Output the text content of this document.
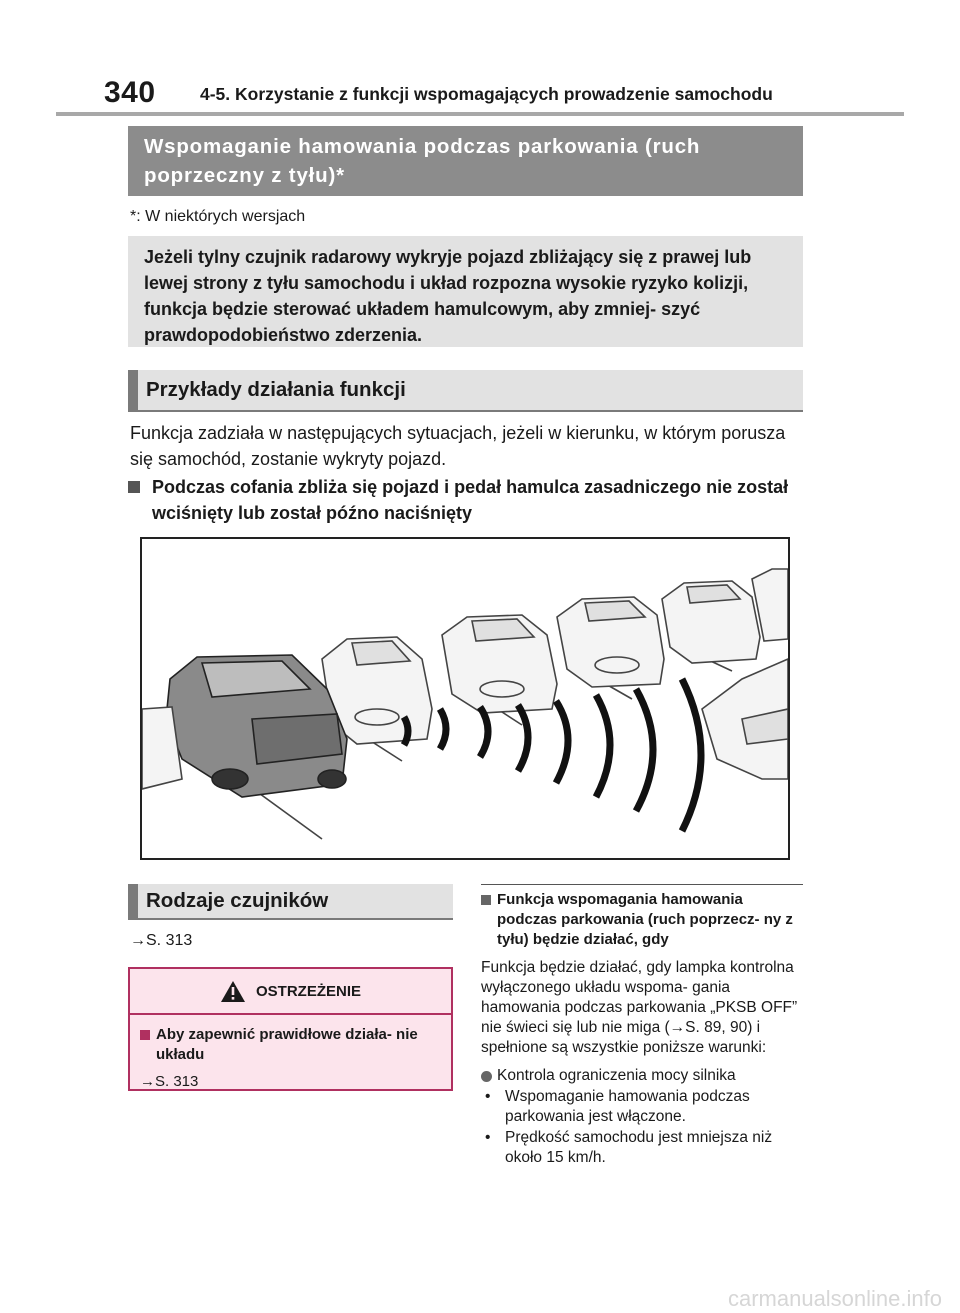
340	4-5. Korzystanie z funkcji wspomagających prowadzenie samochodu
Wspomaganie hamowania podczas parkowania (ruch poprzeczny z tyłu)*
*: W niektórych wersjach
Jeżeli tylny czujnik radarowy wykryje pojazd zbliżający się z prawej lub lewej strony z tyłu samochodu i układ rozpozna wysokie ryzyko kolizji, funkcja będzie sterować układem hamulcowym, aby zmniej- szyć prawdopodobieństwo zderzenia.
Przykłady działania funkcji
Funkcja zadziała w następujących sytuacjach, jeżeli w kierunku, w którym porusza się samochód, zostanie wykryty pojazd.
Podczas cofania zbliża się pojazd i pedał hamulca zasadniczego nie został wciśnięty lub został późno naciśnięty
Rodzaje czujników
→S. 313
OSTRZEŻENIE
Aby zapewnić prawidłowe działa- nie układu
→S. 313
Funkcja wspomagania hamowania podczas parkowania (ruch poprzecz- ny z tyłu) będzie działać, gdy
Funkcja będzie działać, gdy lampka kontrolna wyłączonego układu wspoma- gania hamowania podczas parkowania „PKSB OFF” nie świeci się lub nie miga (→S. 89, 90) i spełnione są wszystkie poniższe warunki:
Kontrola ograniczenia mocy silnika
• Wspomaganie hamowania podczas parkowania jest włączone.
• Prędkość samochodu jest mniejsza niż około 15 km/h.
carmanualsonline.info
